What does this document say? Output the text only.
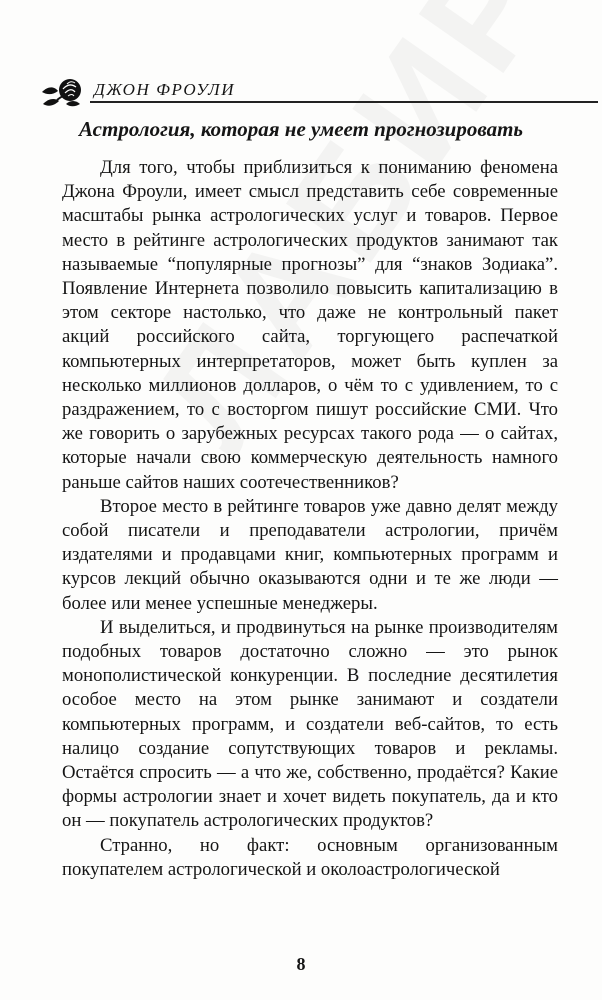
ДЖОН ФРОУЛИ
Астрология, которая не умеет прогнозировать

Для того, чтобы приблизиться к пониманию феномена Джона Фроули, имеет смысл представить себе современные масштабы рынка астрологических услуг и товаров. Первое место в рейтинге астрологических продуктов занимают так называемые “популярные прогнозы” для “знаков Зодиака”. Появление Интернета позволило повысить капитализацию в этом секторе настолько, что даже не контрольный пакет акций российского сайта, торгующего распечаткой компьютерных интерпретаторов, может быть куплен за несколько миллионов долларов, о чём то с удивлением, то с раздражением, то с восторгом пишут российские СМИ. Что же говорить о зарубежных ресурсах такого рода — о сайтах, которые начали свою коммерческую деятельность намного раньше сайтов наших соотечественников?

Второе место в рейтинге товаров уже давно делят между собой писатели и преподаватели астрологии, причём издателями и продавцами книг, компьютерных программ и курсов лекций обычно оказываются одни и те же люди — более или менее успешные менеджеры.

И выделиться, и продвинуться на рынке производителям подобных товаров достаточно сложно — это рынок монополистической конкуренции. В последние десятилетия особое место на этом рынке занимают и создатели компьютерных программ, и создатели веб-сайтов, то есть налицо создание сопутствующих товаров и рекламы. Остаётся спросить — а что же, собственно, продаётся? Какие формы астрологии знает и хочет видеть покупатель, да и кто он — покупатель астрологических продуктов?

Странно, но факт: основным организованным покупателем астрологической и околоастрологической

8
